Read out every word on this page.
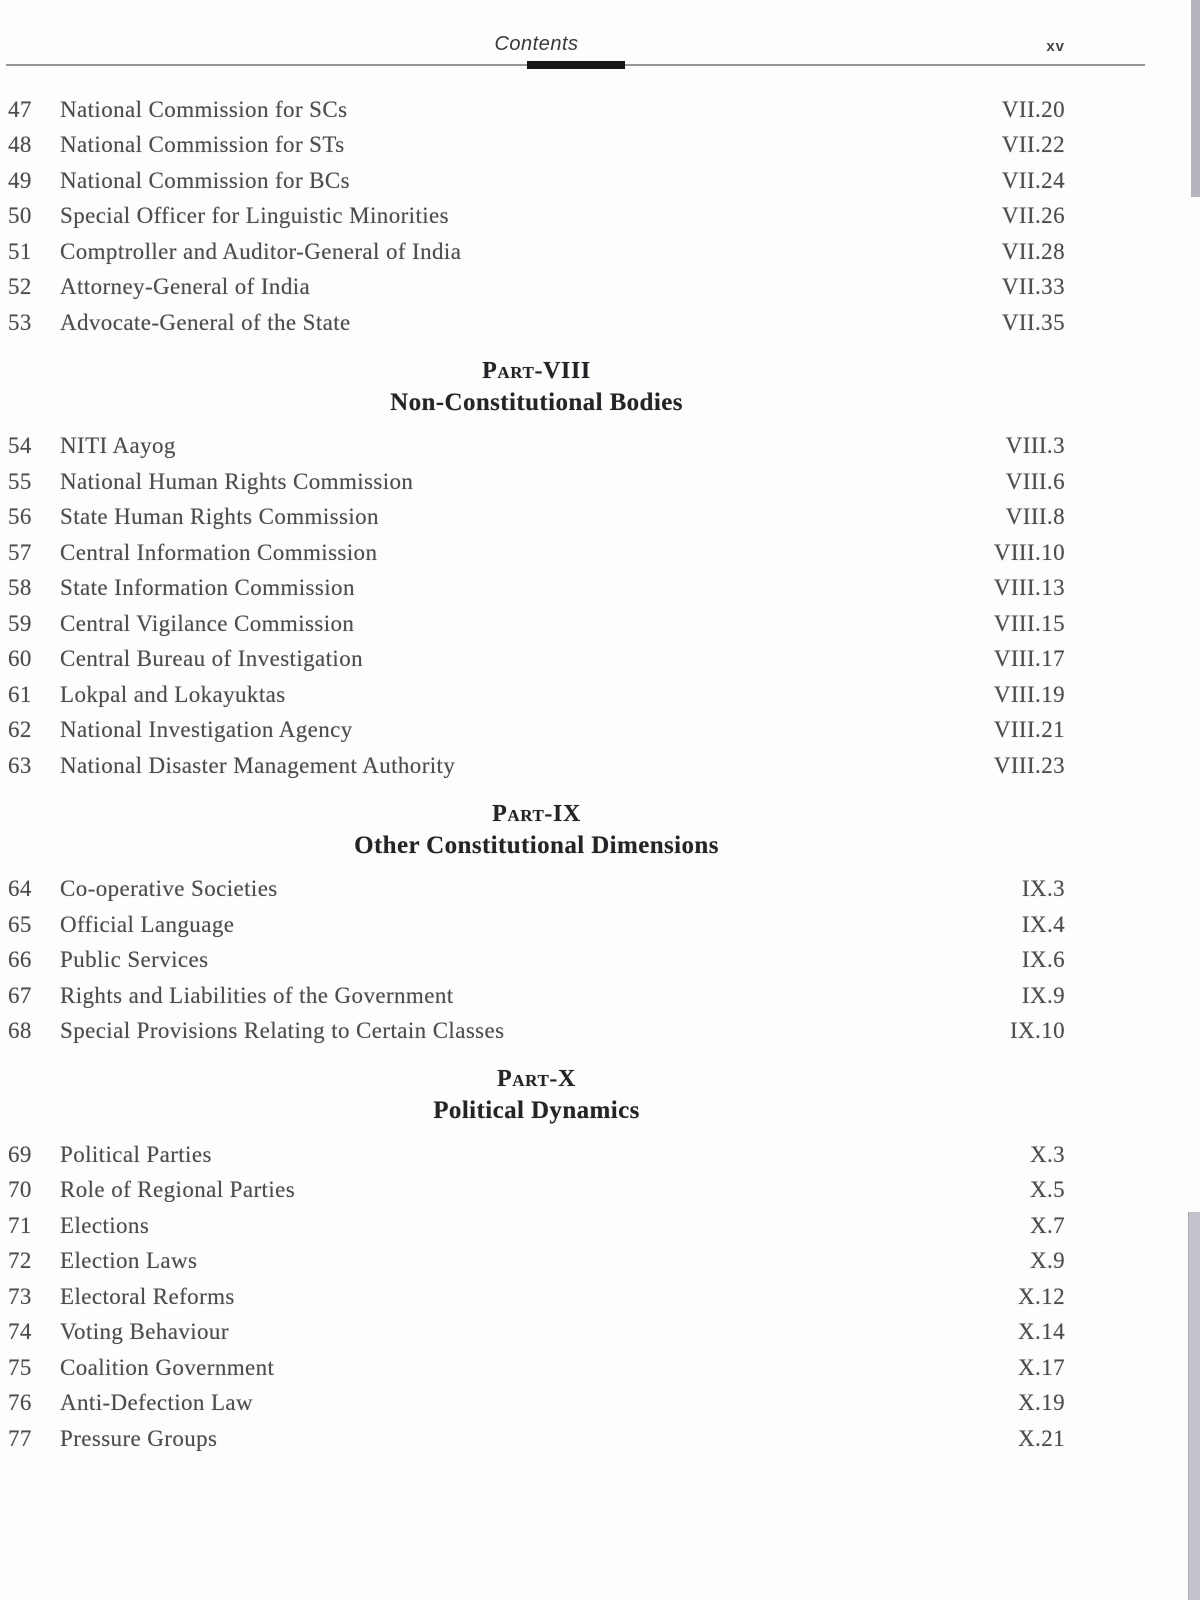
Contents	xv
47	National Commission for SCs	VII.20
48	National Commission for STs	VII.22
49	National Commission for BCs	VII.24
50	Special Officer for Linguistic Minorities	VII.26
51	Comptroller and Auditor-General of India	VII.28
52	Attorney-General of India	VII.33
53	Advocate-General of the State	VII.35
Part-VIII
Non-Constitutional Bodies
54	NITI Aayog	VIII.3
55	National Human Rights Commission	VIII.6
56	State Human Rights Commission	VIII.8
57	Central Information Commission	VIII.10
58	State Information Commission	VIII.13
59	Central Vigilance Commission	VIII.15
60	Central Bureau of Investigation	VIII.17
61	Lokpal and Lokayuktas	VIII.19
62	National Investigation Agency	VIII.21
63	National Disaster Management Authority	VIII.23
Part-IX
Other Constitutional Dimensions
64	Co-operative Societies	IX.3
65	Official Language	IX.4
66	Public Services	IX.6
67	Rights and Liabilities of the Government	IX.9
68	Special Provisions Relating to Certain Classes	IX.10
Part-X
Political Dynamics
69	Political Parties	X.3
70	Role of Regional Parties	X.5
71	Elections	X.7
72	Election Laws	X.9
73	Electoral Reforms	X.12
74	Voting Behaviour	X.14
75	Coalition Government	X.17
76	Anti-Defection Law	X.19
77	Pressure Groups	X.21
